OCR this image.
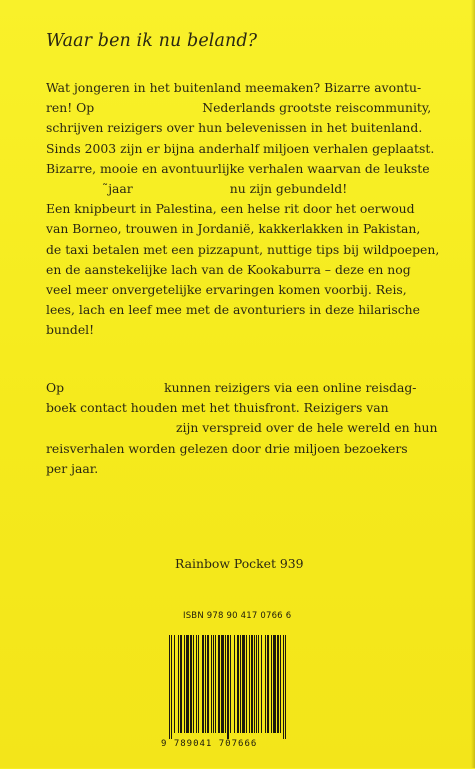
Waar ben ik nu beland?

Wat jongeren in het buitenland meemaken? Bizarre avontu-
ren! Op	Nederlands grootste reiscommunity,
schrijven reizigers over hun belevenissen in het buitenland.
Sinds 2003 zijn er bijna anderhalf miljoen verhalen geplaatst.
Bizarre, mooie en avontuurlijke verhalen waarvan de leukste
˜jaar	nu zijn gebundeld!
Een knipbeurt in Palestina, een helse rit door het oerwoud
van Borneo, trouwen in Jordanië, kakkerlakken in Pakistan,
de taxi betalen met een pizzapunt, nuttige tips bij wildpoepen,
en de aanstekelijke lach van de Kookaburra – deze en nog
veel meer onvergetelijke ervaringen komen voorbij. Reis,
lees, lach en leef mee met de avonturiers in deze hilarische
bundel!

Op	kunnen reizigers via een online reisdag-
boek contact houden met het thuisfront. Reizigers van
zijn verspreid over de hele wereld en hun
reisverhalen worden gelezen door drie miljoen bezoekers
per jaar.

Rainbow Pocket 939
ISBN 978 90 417 0766 6
9 789041 707666
